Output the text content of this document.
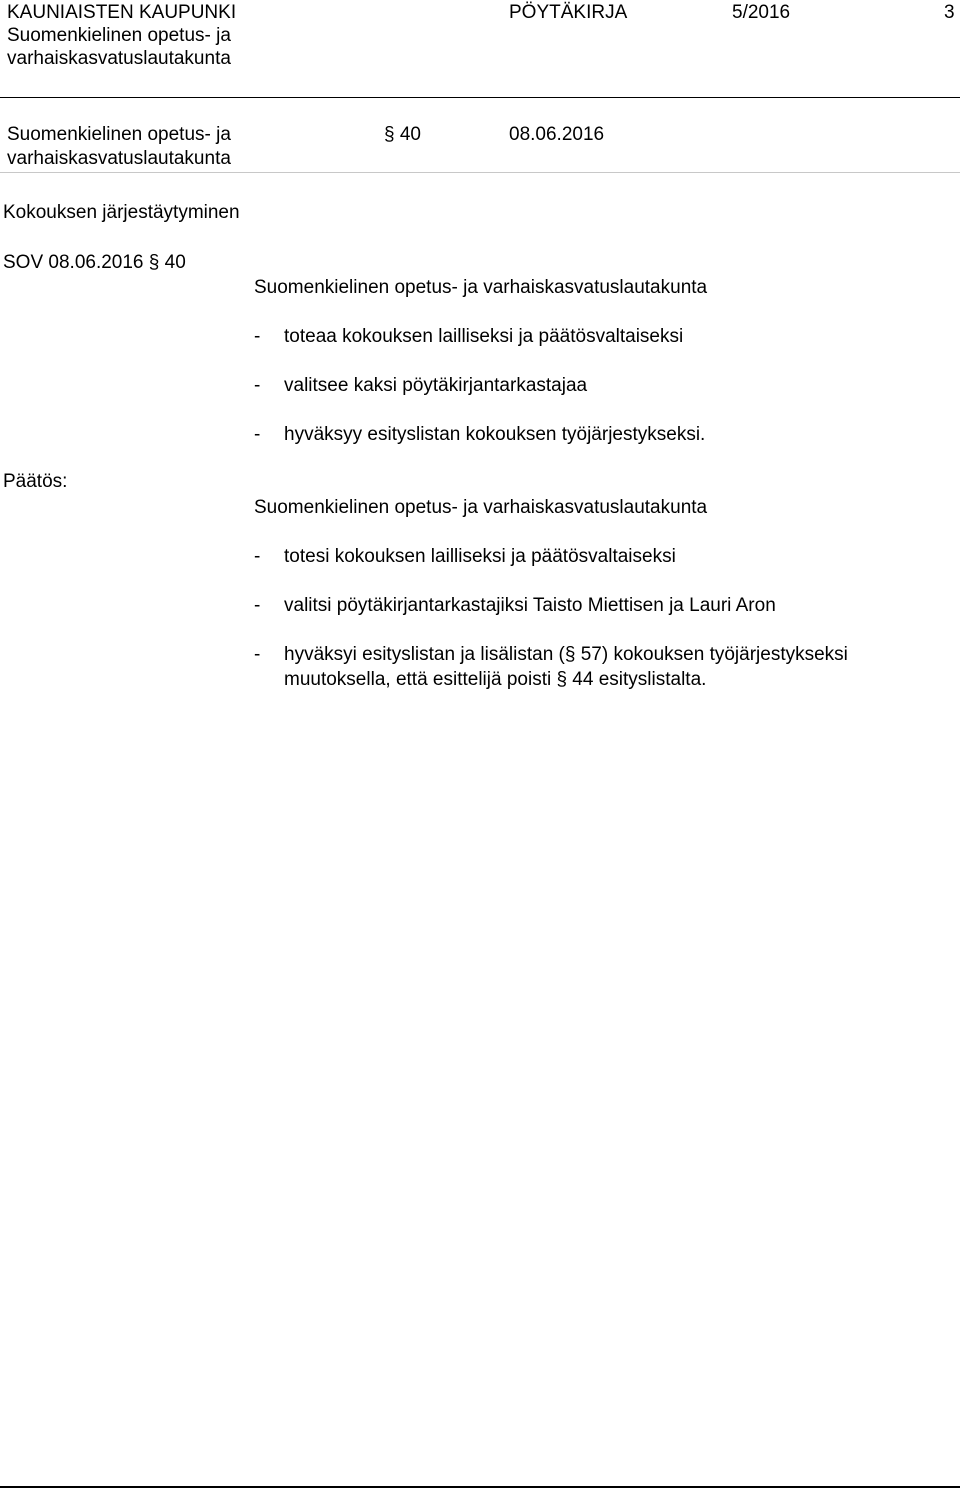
KAUNIAISTEN KAUPUNKI
Suomenkielinen opetus- ja
varhaiskasvatuslautakunta
PÖYTÄKIRJA	5/2016	3
Suomenkielinen opetus- ja
varhaiskasvatuslautakunta
§ 40	08.06.2016
Kokouksen järjestäytyminen
SOV 08.06.2016 § 40
Suomenkielinen opetus- ja varhaiskasvatuslautakunta
- toteaa kokouksen lailliseksi ja päätösvaltaiseksi
- valitsee kaksi pöytäkirjantarkastajaa
- hyväksyy esityslistan kokouksen työjärjestykseksi.
Päätös:
Suomenkielinen opetus- ja varhaiskasvatuslautakunta
- totesi kokouksen lailliseksi ja päätösvaltaiseksi
- valitsi pöytäkirjantarkastajiksi Taisto Miettisen ja Lauri Aron
- hyväksyi esityslistan ja lisälistan (§ 57) kokouksen työjärjestykseksi
muutoksella, että esittelijä poisti § 44 esityslistalta.
